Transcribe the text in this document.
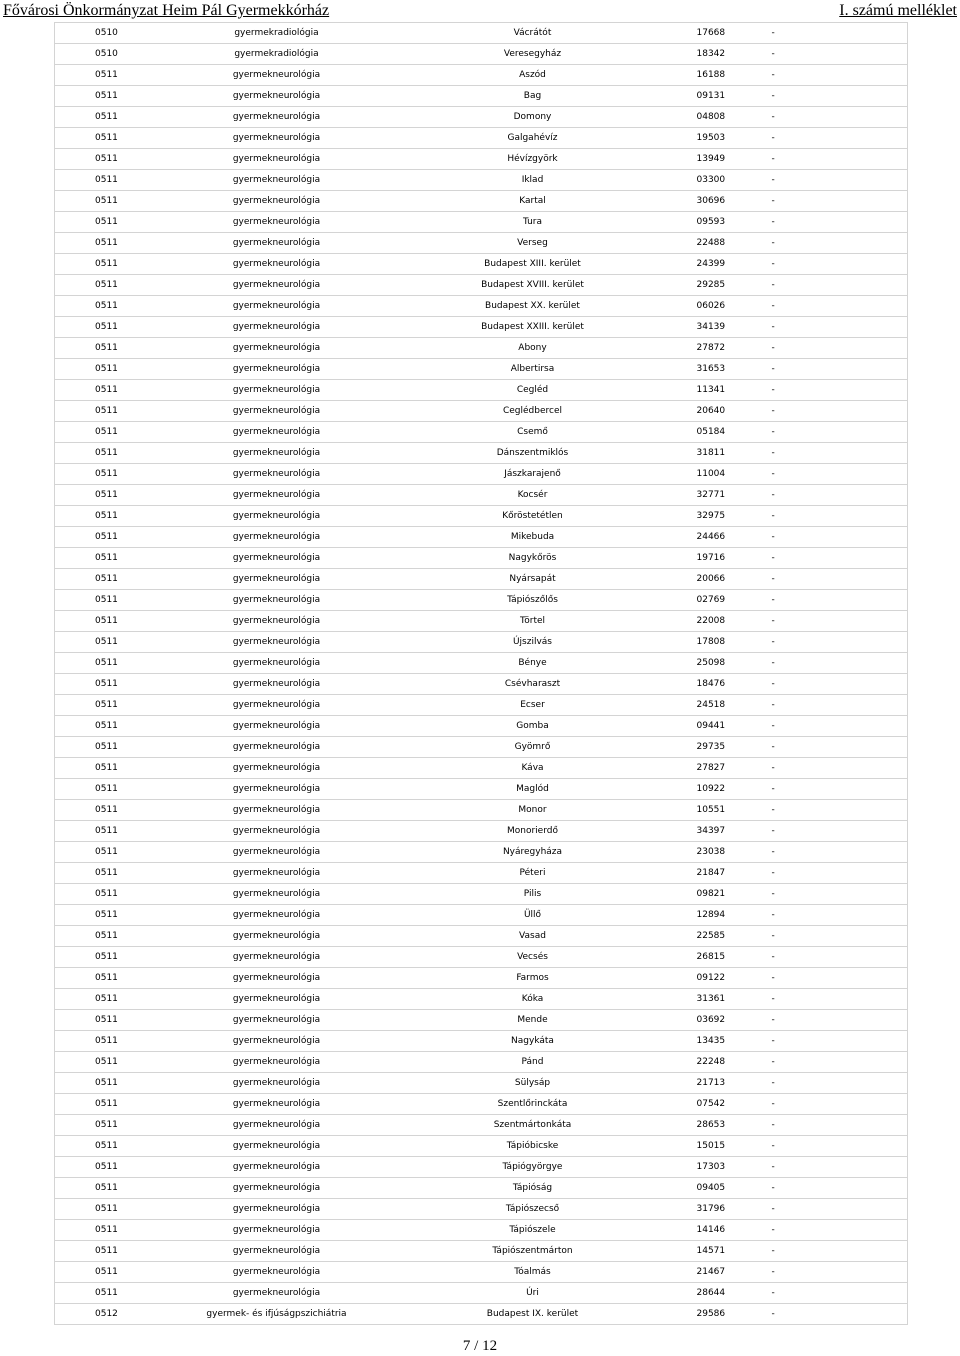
Fővárosi Önkormányzat Heim Pál Gyermekkórház	I. számú melléklet
0510	gyermekradiológia	Vácrátót	17668	-
0510	gyermekradiológia	Veresegyház	18342	-
0511	gyermekneurológia	Aszód	16188	-
0511	gyermekneurológia	Bag	09131	-
0511	gyermekneurológia	Domony	04808	-
0511	gyermekneurológia	Galgahévíz	19503	-
0511	gyermekneurológia	Hévízgyörk	13949	-
0511	gyermekneurológia	Iklad	03300	-
0511	gyermekneurológia	Kartal	30696	-
0511	gyermekneurológia	Tura	09593	-
0511	gyermekneurológia	Verseg	22488	-
0511	gyermekneurológia	Budapest XIII. kerület	24399	-
0511	gyermekneurológia	Budapest XVIII. kerület	29285	-
0511	gyermekneurológia	Budapest XX. kerület	06026	-
0511	gyermekneurológia	Budapest XXIII. kerület	34139	-
0511	gyermekneurológia	Abony	27872	-
0511	gyermekneurológia	Albertirsa	31653	-
0511	gyermekneurológia	Cegléd	11341	-
0511	gyermekneurológia	Ceglédbercel	20640	-
0511	gyermekneurológia	Csemő	05184	-
0511	gyermekneurológia	Dánszentmiklós	31811	-
0511	gyermekneurológia	Jászkarajenő	11004	-
0511	gyermekneurológia	Kocsér	32771	-
0511	gyermekneurológia	Kőröstetétlen	32975	-
0511	gyermekneurológia	Mikebuda	24466	-
0511	gyermekneurológia	Nagykőrös	19716	-
0511	gyermekneurológia	Nyársapát	20066	-
0511	gyermekneurológia	Tápiószőlős	02769	-
0511	gyermekneurológia	Törtel	22008	-
0511	gyermekneurológia	Újszilvás	17808	-
0511	gyermekneurológia	Bénye	25098	-
0511	gyermekneurológia	Csévharaszt	18476	-
0511	gyermekneurológia	Ecser	24518	-
0511	gyermekneurológia	Gomba	09441	-
0511	gyermekneurológia	Gyömrő	29735	-
0511	gyermekneurológia	Káva	27827	-
0511	gyermekneurológia	Maglód	10922	-
0511	gyermekneurológia	Monor	10551	-
0511	gyermekneurológia	Monorierdő	34397	-
0511	gyermekneurológia	Nyáregyháza	23038	-
0511	gyermekneurológia	Péteri	21847	-
0511	gyermekneurológia	Pilis	09821	-
0511	gyermekneurológia	Üllő	12894	-
0511	gyermekneurológia	Vasad	22585	-
0511	gyermekneurológia	Vecsés	26815	-
0511	gyermekneurológia	Farmos	09122	-
0511	gyermekneurológia	Kóka	31361	-
0511	gyermekneurológia	Mende	03692	-
0511	gyermekneurológia	Nagykáta	13435	-
0511	gyermekneurológia	Pánd	22248	-
0511	gyermekneurológia	Sülysáp	21713	-
0511	gyermekneurológia	Szentlőrinckáta	07542	-
0511	gyermekneurológia	Szentmártonkáta	28653	-
0511	gyermekneurológia	Tápióbicske	15015	-
0511	gyermekneurológia	Tápiógyörgye	17303	-
0511	gyermekneurológia	Tápióság	09405	-
0511	gyermekneurológia	Tápiószecső	31796	-
0511	gyermekneurológia	Tápiószele	14146	-
0511	gyermekneurológia	Tápiószentmárton	14571	-
0511	gyermekneurológia	Tóalmás	21467	-
0511	gyermekneurológia	Úri	28644	-
0512	gyermek- és ifjúságpszichiátria	Budapest IX. kerület	29586	-
7 / 12
